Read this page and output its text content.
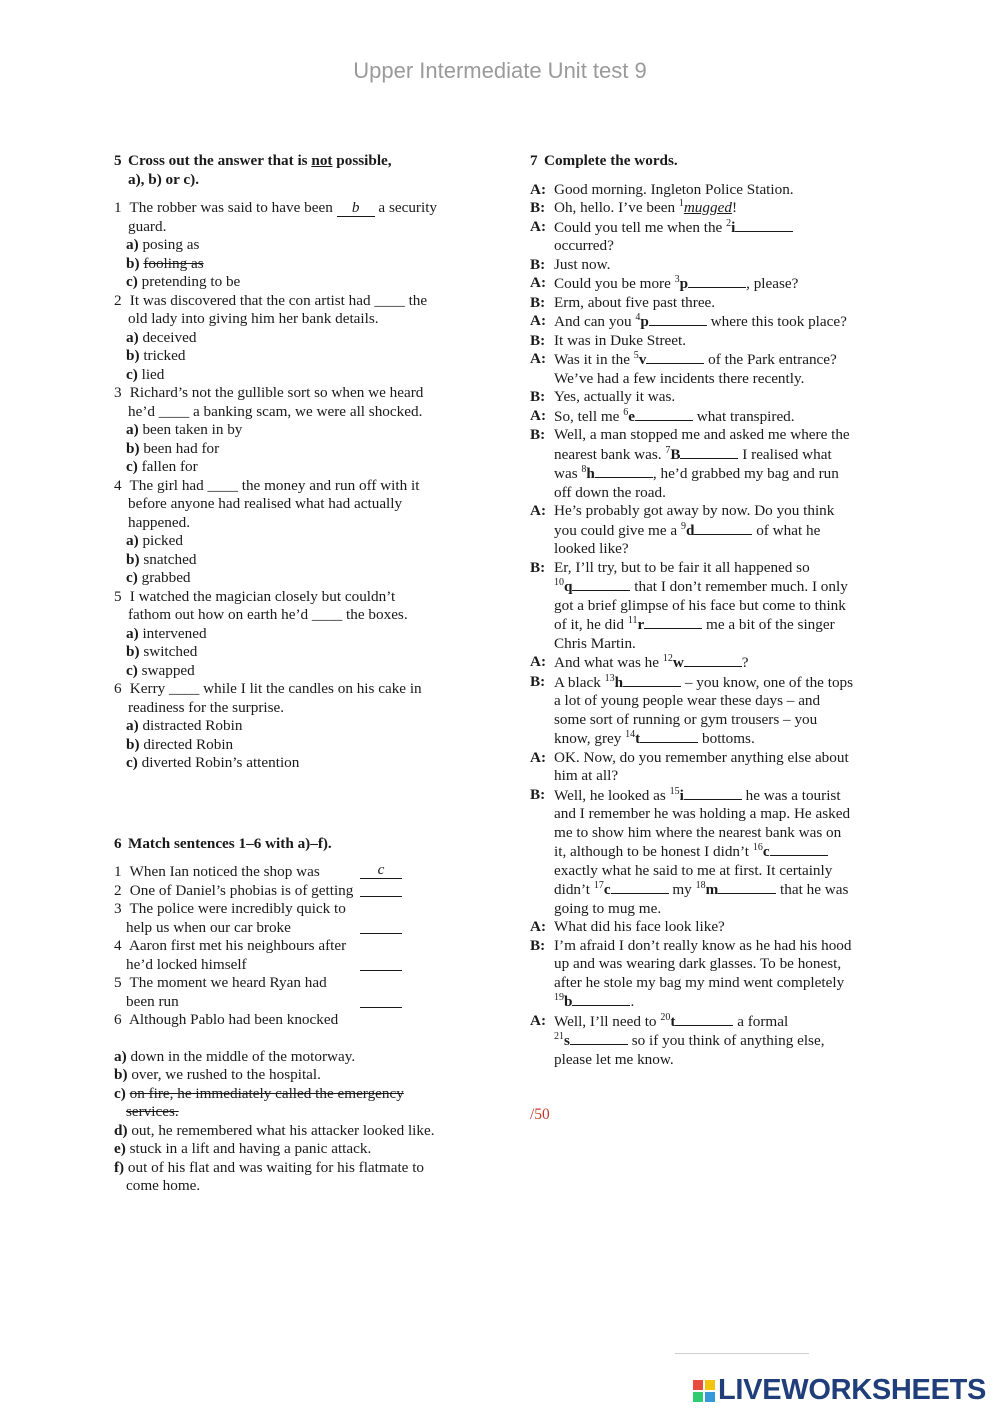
Upper Intermediate Unit test 9
5 Cross out the answer that is not possible,
a), b) or c).
1 The robber was said to have been b a security
guard.
a) posing as
b) fooling as
c) pretending to be
2 It was discovered that the con artist had ____ the
old lady into giving him her bank details.
a) deceived
b) tricked
c) lied
3 Richard’s not the gullible sort so when we heard
he’d ____ a banking scam, we were all shocked.
a) been taken in by
b) been had for
c) fallen for
4 The girl had ____ the money and run off with it
before anyone had realised what had actually
happened.
a) picked
b) snatched
c) grabbed
5 I watched the magician closely but couldn’t
fathom out how on earth he’d ____ the boxes.
a) intervened
b) switched
c) swapped
6 Kerry ____ while I lit the candles on his cake in
readiness for the surprise.
a) distracted Robin
b) directed Robin
c) diverted Robin’s attention
6 Match sentences 1–6 with a)–f).
1 When Ian noticed the shop was	c
2 One of Daniel’s phobias is of getting
3 The police were incredibly quick to
help us when our car broke
4 Aaron first met his neighbours after
he’d locked himself
5 The moment we heard Ryan had
been run
6 Although Pablo had been knocked
a) down in the middle of the motorway.
b) over, we rushed to the hospital.
c) on fire, he immediately called the emergency
services.
d) out, he remembered what his attacker looked like.
e) stuck in a lift and having a panic attack.
f) out of his flat and was waiting for his flatmate to
come home.
7 Complete the words.
A: Good morning. Ingleton Police Station.
B: Oh, hello. I’ve been $^1$mugged!
A: Could you tell me when the $^2$i
occurred?
B: Just now.
A: Could you be more $^3$p	, please?
B: Erm, about five past three.
A: And can you $^4$p	where this took place?
B: It was in Duke Street.
A: Was it in the $^5$v	of the Park entrance?
We’ve had a few incidents there recently.
B: Yes, actually it was.
A: So, tell me $^6$e	what transpired.
B: Well, a man stopped me and asked me where the
nearest bank was. $^7$B	I realised what
was $^8$h	, he’d grabbed my bag and run
off down the road.
A: He’s probably got away by now. Do you think
you could give me a $^9$d	of what he
looked like?
B: Er, I’ll try, but to be fair it all happened so
$^{10}$q	that I don’t remember much. I only
got a brief glimpse of his face but come to think
of it, he did $^{11}$r	me a bit of the singer
Chris Martin.
A: And what was he $^{12}$w	?
B: A black $^{13}$h	– you know, one of the tops
a lot of young people wear these days – and
some sort of running or gym trousers – you
know, grey $^{14}$t	bottoms.
A: OK. Now, do you remember anything else about
him at all?
B: Well, he looked as $^{15}$i	he was a tourist
and I remember he was holding a map. He asked
me to show him where the nearest bank was on
it, although to be honest I didn’t $^{16}$c
exactly what he said to me at first. It certainly
didn’t $^{17}$c	my $^{18}$m	that he was
going to mug me.
A: What did his face look like?
B: I’m afraid I don’t really know as he had his hood
up and was wearing dark glasses. To be honest,
after he stole my bag my mind went completely
$^{19}$b	.
A: Well, I’ll need to $^{20}$t	a formal
$^{21}$s	so if you think of anything else,
please let me know.
/50
LIVEWORKSHEETS
